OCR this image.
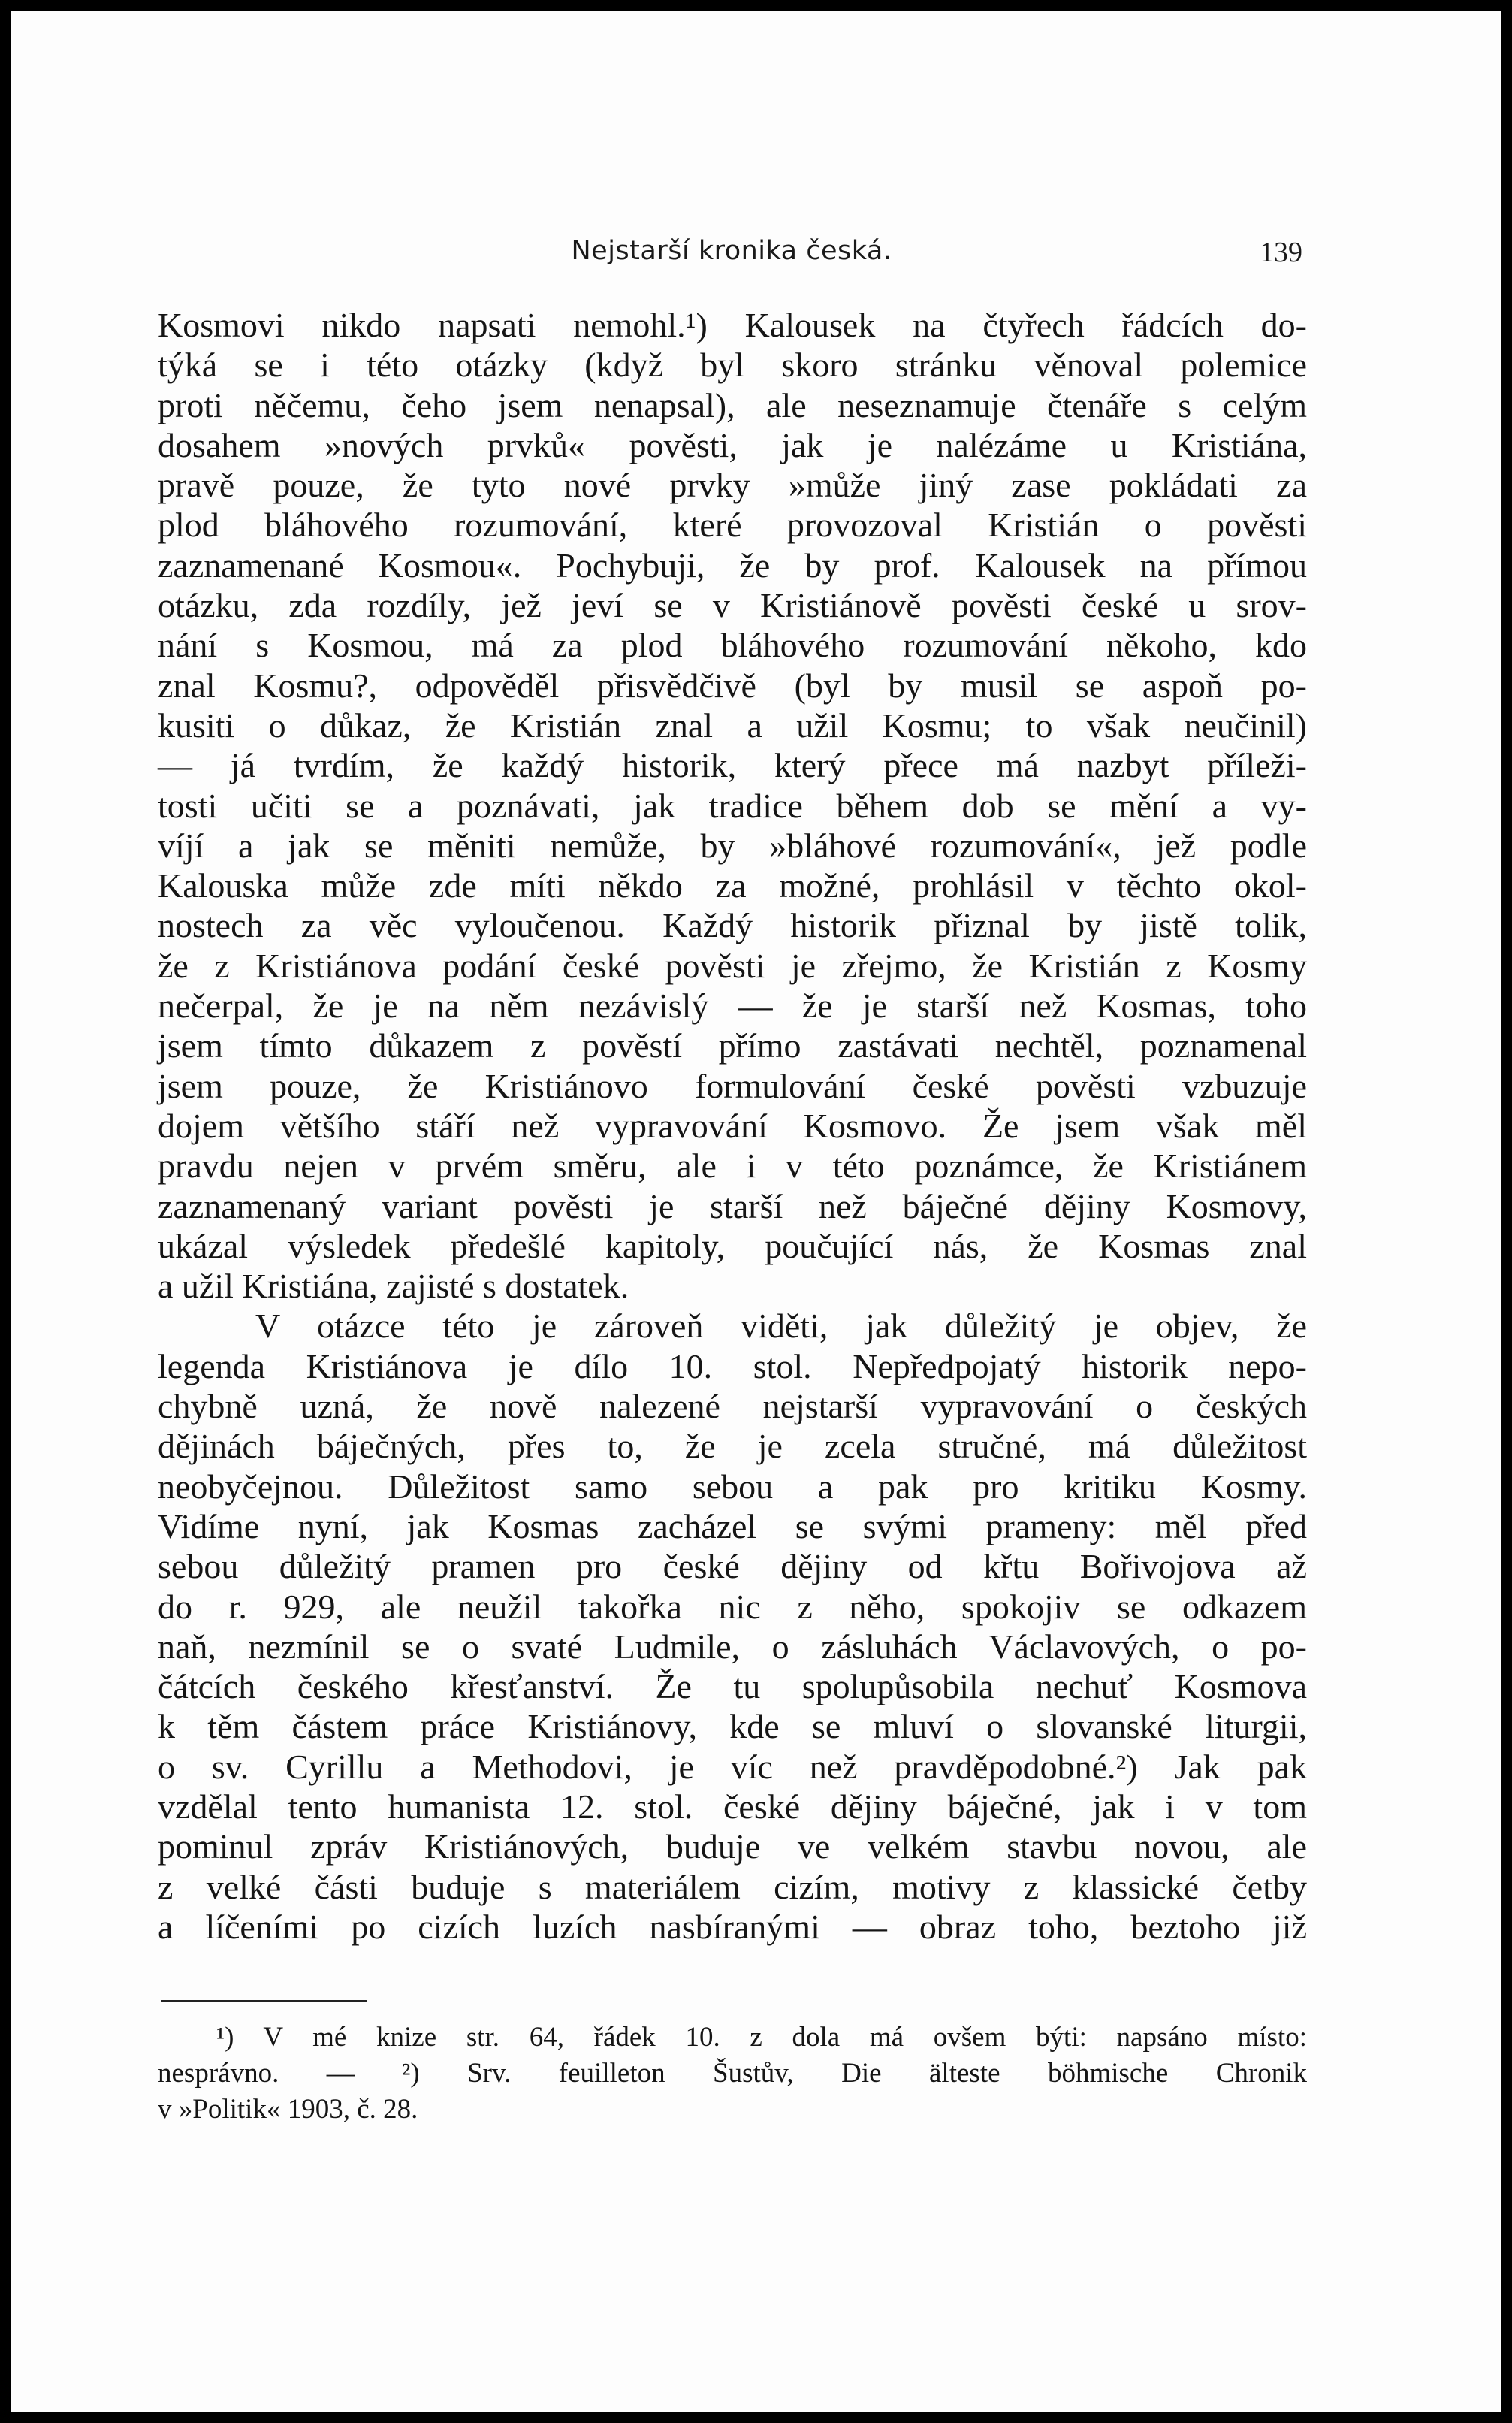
Nejstarší kronika česká.	139
Kosmovi nikdo napsati nemohl.¹) Kalousek na čtyřech řádcích do-
týká se i této otázky (když byl skoro stránku věnoval polemice
proti něčemu, čeho jsem nenapsal), ale neseznamuje čtenáře s celým
dosahem »nových prvků« pověsti, jak je nalézáme u Kristiána,
pravě pouze, že tyto nové prvky »může jiný zase pokládati za
plod bláhového rozumování, které provozoval Kristián o pověsti
zaznamenané Kosmou«. Pochybuji, že by prof. Kalousek na přímou
otázku, zda rozdíly, jež jeví se v Kristiánově pověsti české u srov-
nání s Kosmou, má za plod bláhového rozumování někoho, kdo
znal Kosmu?, odpověděl přisvědčivě (byl by musil se aspoň po-
kusiti o důkaz, že Kristián znal a užil Kosmu; to však neučinil)
— já tvrdím, že každý historik, který přece má nazbyt příleži-
tosti učiti se a poznávati, jak tradice během dob se mění a vy-
víjí a jak se měniti nemůže, by »bláhové rozumování«, jež podle
Kalouska může zde míti někdo za možné, prohlásil v těchto okol-
nostech za věc vyloučenou. Každý historik přiznal by jistě tolik,
že z Kristiánova podání české pověsti je zřejmo, že Kristián z Kosmy
nečerpal, že je na něm nezávislý — že je starší než Kosmas, toho
jsem tímto důkazem z pověstí přímo zastávati nechtěl, poznamenal
jsem pouze, že Kristiánovo formulování české pověsti vzbuzuje
dojem většího stáří než vypravování Kosmovo. Že jsem však měl
pravdu nejen v prvém směru, ale i v této poznámce, že Kristiánem
zaznamenaný variant pověsti je starší než báječné dějiny Kosmovy,
ukázal výsledek předešlé kapitoly, poučující nás, že Kosmas znal
a užil Kristiána, zajisté s dostatek.
V otázce této je zároveň viděti, jak důležitý je objev, že
legenda Kristiánova je dílo 10. stol. Nepředpojatý historik nepo-
chybně uzná, že nově nalezené nejstarší vypravování o českých
dějinách báječných, přes to, že je zcela stručné, má důležitost
neobyčejnou. Důležitost samo sebou a pak pro kritiku Kosmy.
Vidíme nyní, jak Kosmas zacházel se svými prameny: měl před
sebou důležitý pramen pro české dějiny od křtu Bořivojova až
do r. 929, ale neužil takořka nic z něho, spokojiv se odkazem
naň, nezmínil se o svaté Ludmile, o zásluhách Václavových, o po-
čátcích českého křesťanství. Že tu spolupůsobila nechuť Kosmova
k těm částem práce Kristiánovy, kde se mluví o slovanské liturgii,
o sv. Cyrillu a Methodovi, je víc než pravděpodobné.²) Jak pak
vzdělal tento humanista 12. stol. české dějiny báječné, jak i v tom
pominul zpráv Kristiánových, buduje ve velkém stavbu novou, ale
z velké části buduje s materiálem cizím, motivy z klassické četby
a líčeními po cizích luzích nasbíranými — obraz toho, beztoho již
¹) V mé knize str. 64, řádek 10. z dola má ovšem býti: napsáno místo:
nesprávno. — ²) Srv. feuilleton Šustův, Die älteste böhmische Chronik
v »Politik« 1903, č. 28.
